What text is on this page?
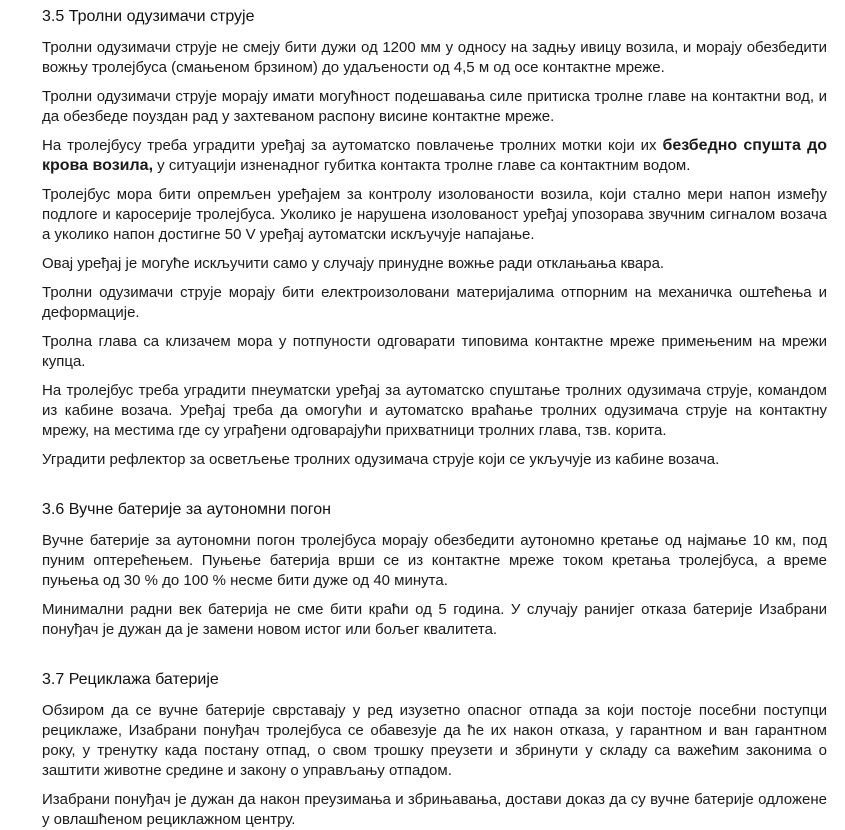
3.5 Тролни одузимачи струје

Тролни одузимачи струје не смеју бити дужи од 1200 мм у односу на задњу ивицу возила, и морају обезбедити вожњу тролејбуса (смањеном брзином) до удаљености од 4,5 м од осе контактне мреже.

Тролни одузимачи струје морају имати могућност подешавања силе притиска тролне главе на контактни вод, и да обезбеде поуздан рад у захтеваном распону висине контактне мреже.

На тролејбусу треба уградити уређај за аутоматско повлачење тролних мотки који их безбедно спушта до крова возила, у ситуацији изненадног губитка контакта тролне главе са контактним водом.

Тролејбус мора бити опремљен уређајем за контролу изолованости возила, који стално мери напон између подлоге и каросерије тролејбуса. Уколико је нарушена изолованост уређај упозорава звучним сигналом возача а уколико напон достигне 50 V уређај аутоматски искључује напајање.

Овај уређај је могуће искључити само у случају принудне вожње ради отклањања квара.

Тролни одузимачи струје морају бити електроизоловани материјалима отпорним на механичка оштећења и деформације.

Тролна глава са клизачем мора у потпуности одговарати типовима контактне мреже примењеним на мрежи купца.

На тролејбус треба уградити пнеуматски уређај за аутоматско спуштање тролних одузимача струје, командом из кабине возача. Уређај треба да омогући и аутоматско враћање тролних одузимача струје на контактну мрежу, на местима где су уграђени одговарајући прихватници тролних глава, тзв. корита.

Уградити рефлектор за осветљење тролних одузимача струје који се укључује из кабине возача.

3.6 Вучне батерије за аутономни погон

Вучне батерије за аутономни погон тролејбуса морају обезбедити аутономно кретање од најмање 10 км, под пуним оптерећењем. Пуњење батерија врши се из контактне мреже током кретања тролејбуса, а време пуњења од 30 % до 100 % несме бити дуже од 40 минута.

Минимални радни век батерија не сме бити краћи од 5 година. У случају ранијег отказа батерије Изабрани понуђач је дужан да је замени новом истог или бољег квалитета.

3.7 Рециклажа батерије

Обзиром да се вучне батерије сврставају у ред изузетно опасног отпада за који постоје посебни поступци рециклаже, Изабрани понуђач тролејбуса се обавезује да ће их након отказа, у гарантном и ван гарантном року, у тренутку када постану отпад, о свом трошку преузети и збринути у складу са важећим законима о заштити животне средине и закону о управљању отпадом.

Изабрани понуђач је дужан да након преузимања и збрињавања, достави доказ да су вучне батерије одложене у овлашћеном рециклажном центру.
